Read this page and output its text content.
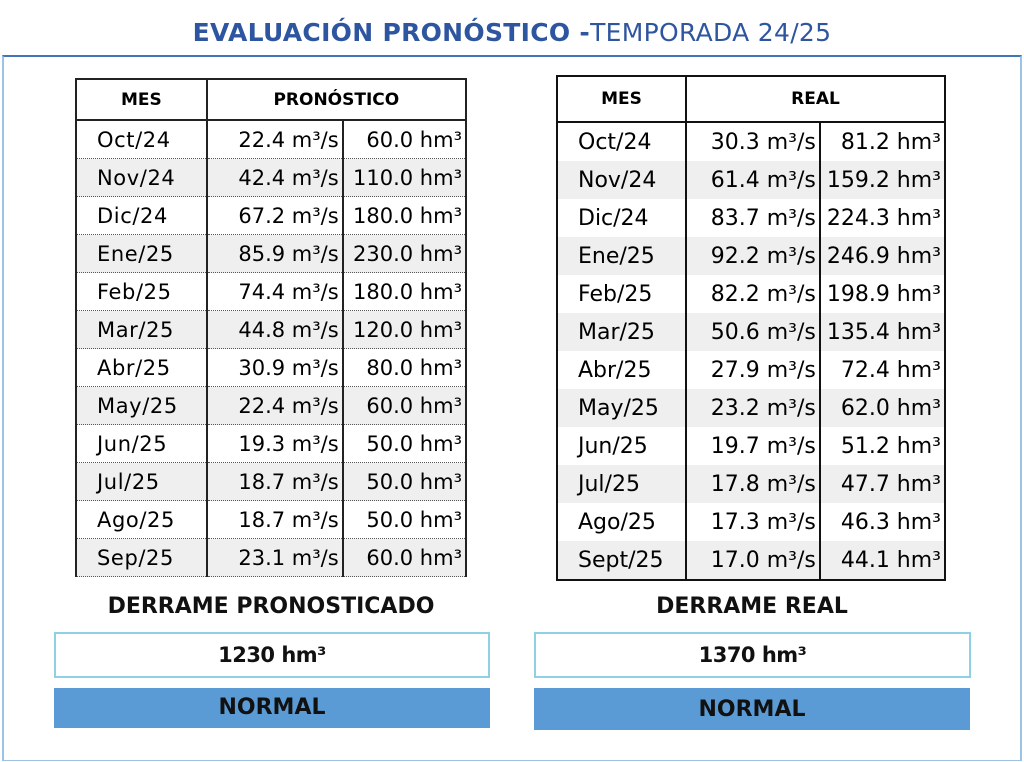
EVALUACIÓN PRONÓSTICO -TEMPORADA 24/25
MES	PRONÓSTICO	
Oct/24	22.4 m³/s	60.0 hm³
Nov/24	42.4 m³/s	110.0 hm³
Dic/24	67.2 m³/s	180.0 hm³
Ene/25	85.9 m³/s	230.0 hm³
Feb/25	74.4 m³/s	180.0 hm³
Mar/25	44.8 m³/s	120.0 hm³
Abr/25	30.9 m³/s	80.0 hm³
May/25	22.4 m³/s	60.0 hm³
Jun/25	19.3 m³/s	50.0 hm³
Jul/25	18.7 m³/s	50.0 hm³
Ago/25	18.7 m³/s	50.0 hm³
Sep/25	23.1 m³/s	60.0 hm³
MES	REAL	
Oct/24	30.3 m³/s	81.2 hm³
Nov/24	61.4 m³/s	159.2 hm³
Dic/24	83.7 m³/s	224.3 hm³
Ene/25	92.2 m³/s	246.9 hm³
Feb/25	82.2 m³/s	198.9 hm³
Mar/25	50.6 m³/s	135.4 hm³
Abr/25	27.9 m³/s	72.4 hm³
May/25	23.2 m³/s	62.0 hm³
Jun/25	19.7 m³/s	51.2 hm³
Jul/25	17.8 m³/s	47.7 hm³
Ago/25	17.3 m³/s	46.3 hm³
Sept/25	17.0 m³/s	44.1 hm³
DERRAME PRONOSTICADO	DERRAME REAL
1230 hm³	1370 hm³
NORMAL	NORMAL
